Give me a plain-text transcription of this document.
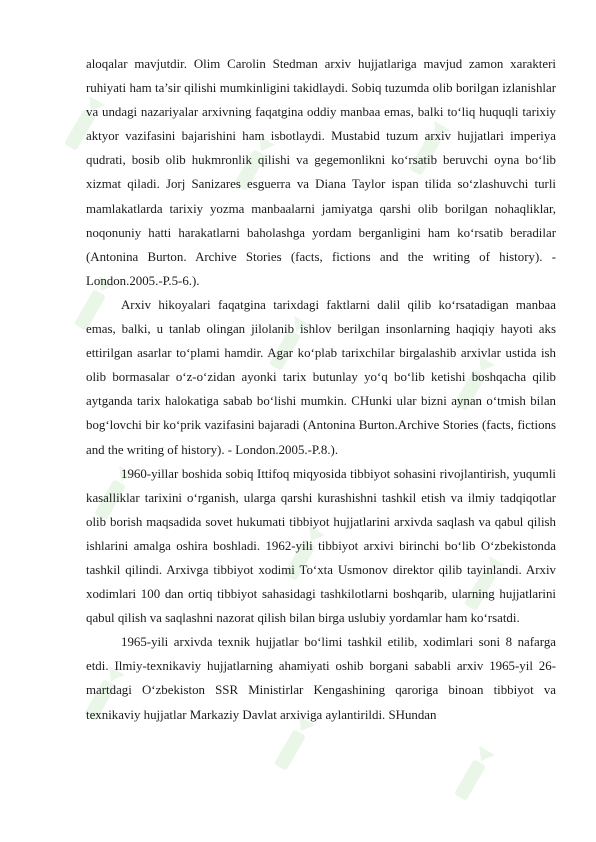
aloqalar mavjutdir. Olim Carolin Stedman arxiv hujjatlariga mavjud zamon xarakteri ruhiyati ham ta’sir qilishi mumkinligini takidlaydi. Sobiq tuzumda olib borilgan izlanishlar va undagi nazariyalar arxivning faqatgina oddiy manbaa emas, balki to‘liq huquqli tarixiy aktyor vazifasini bajarishini ham isbotlaydi. Mustabid tuzum arxiv hujjatlari imperiya qudrati, bosib olib hukmronlik qilishi va gegemonlikni ko‘rsatib beruvchi oyna bo‘lib xizmat qiladi. Jorj Sanizares esguerra va Diana Taylor ispan tilida so‘zlashuvchi turli mamlakatlarda tarixiy yozma manbaalarni jamiyatga qarshi olib borilgan nohaqliklar, noqonuniy hatti harakatlarni baholashga yordam berganligini ham ko‘rsatib beradilar (Antonina Burton. Archive Stories (facts, fictions and the writing of history). - London.2005.-P.5-6.).

Arxiv hikoyalari faqatgina tarixdagi faktlarni dalil qilib ko‘rsatadigan manbaa emas, balki, u tanlab olingan jilolanib ishlov berilgan insonlarning haqiqiy hayoti aks ettirilgan asarlar to‘plami hamdir. Agar ko‘plab tarixchilar birgalashib arxivlar ustida ish olib bormasalar o‘z-o‘zidan ayonki tarix butunlay yo‘q bo‘lib ketishi boshqacha qilib aytganda tarix halokatiga sabab bo‘lishi mumkin. CHunki ular bizni aynan o‘tmish bilan bog‘lovchi bir ko‘prik vazifasini bajaradi (Antonina Burton.Archive Stories (facts, fictions and the writing of history). - London.2005.-P.8.).

1960-yillar boshida sobiq Ittifoq miqyosida tibbiyot sohasini rivojlantirish, yuqumli kasalliklar tarixini o‘rganish, ularga qarshi kurashishni tashkil etish va ilmiy tadqiqotlar olib borish maqsadida sovet hukumati tibbiyot hujjatlarini arxivda saqlash va qabul qilish ishlarini amalga oshira boshladi. 1962-yili tibbiyot arxivi birinchi bo‘lib O‘zbekistonda tashkil qilindi. Arxivga tibbiyot xodimi To‘xta Usmonov direktor qilib tayinlandi. Arxiv xodimlari 100 dan ortiq tibbiyot sahasidagi tashkilotlarni boshqarib, ularning hujjatlarini qabul qilish va saqlashni nazorat qilish bilan birga uslubiy yordamlar ham ko‘rsatdi.

1965-yili arxivda texnik hujjatlar bo‘limi tashkil etilib, xodimlari soni 8 nafarga etdi. Ilmiy-texnikaviy hujjatlarning ahamiyati oshib borgani sababli arxiv 1965-yil 26-martdagi O‘zbekiston SSR Ministirlar Kengashining qaroriga binoan tibbiyot va texnikaviy hujjatlar Markaziy Davlat arxiviga aylantirildi. SHundan
